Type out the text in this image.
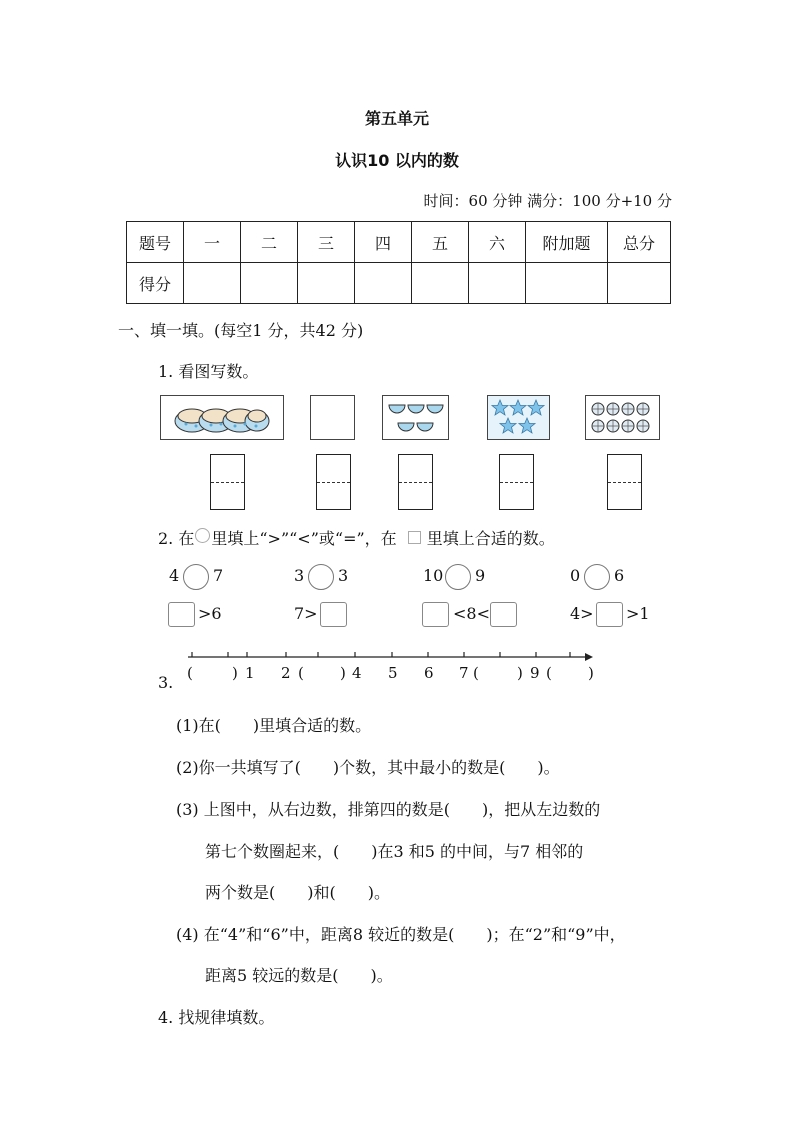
第五单元
认识10 以内的数
时间：60 分钟 满分：100 分+10 分
题号	一	二	三	四	五	六	附加题	总分
得分								
一、填一填。(每空1 分，共42 分)
1. 看图写数。
2. 在 里填上“>”“<”或“=”，在 里填上合适的数。
4 7	3 3	10 9	0 6
>6	7>	<8<	4> >1
3. (	) 1 2 ( ) 4 5 6 7 (	) 9 ( )
(1)在(　　)里填合适的数。
(2)你一共填写了(　　)个数，其中最小的数是(　　)。
(3) 上图中，从右边数，排第四的数是(　　)，把从左边数的
第七个数圈起来，(　　)在3 和5 的中间，与7 相邻的
两个数是(　　)和(　　)。
(4) 在“4”和“6”中，距离8 较近的数是(　　)；在“2”和“9”中，
距离5 较远的数是(　　)。
4. 找规律填数。
